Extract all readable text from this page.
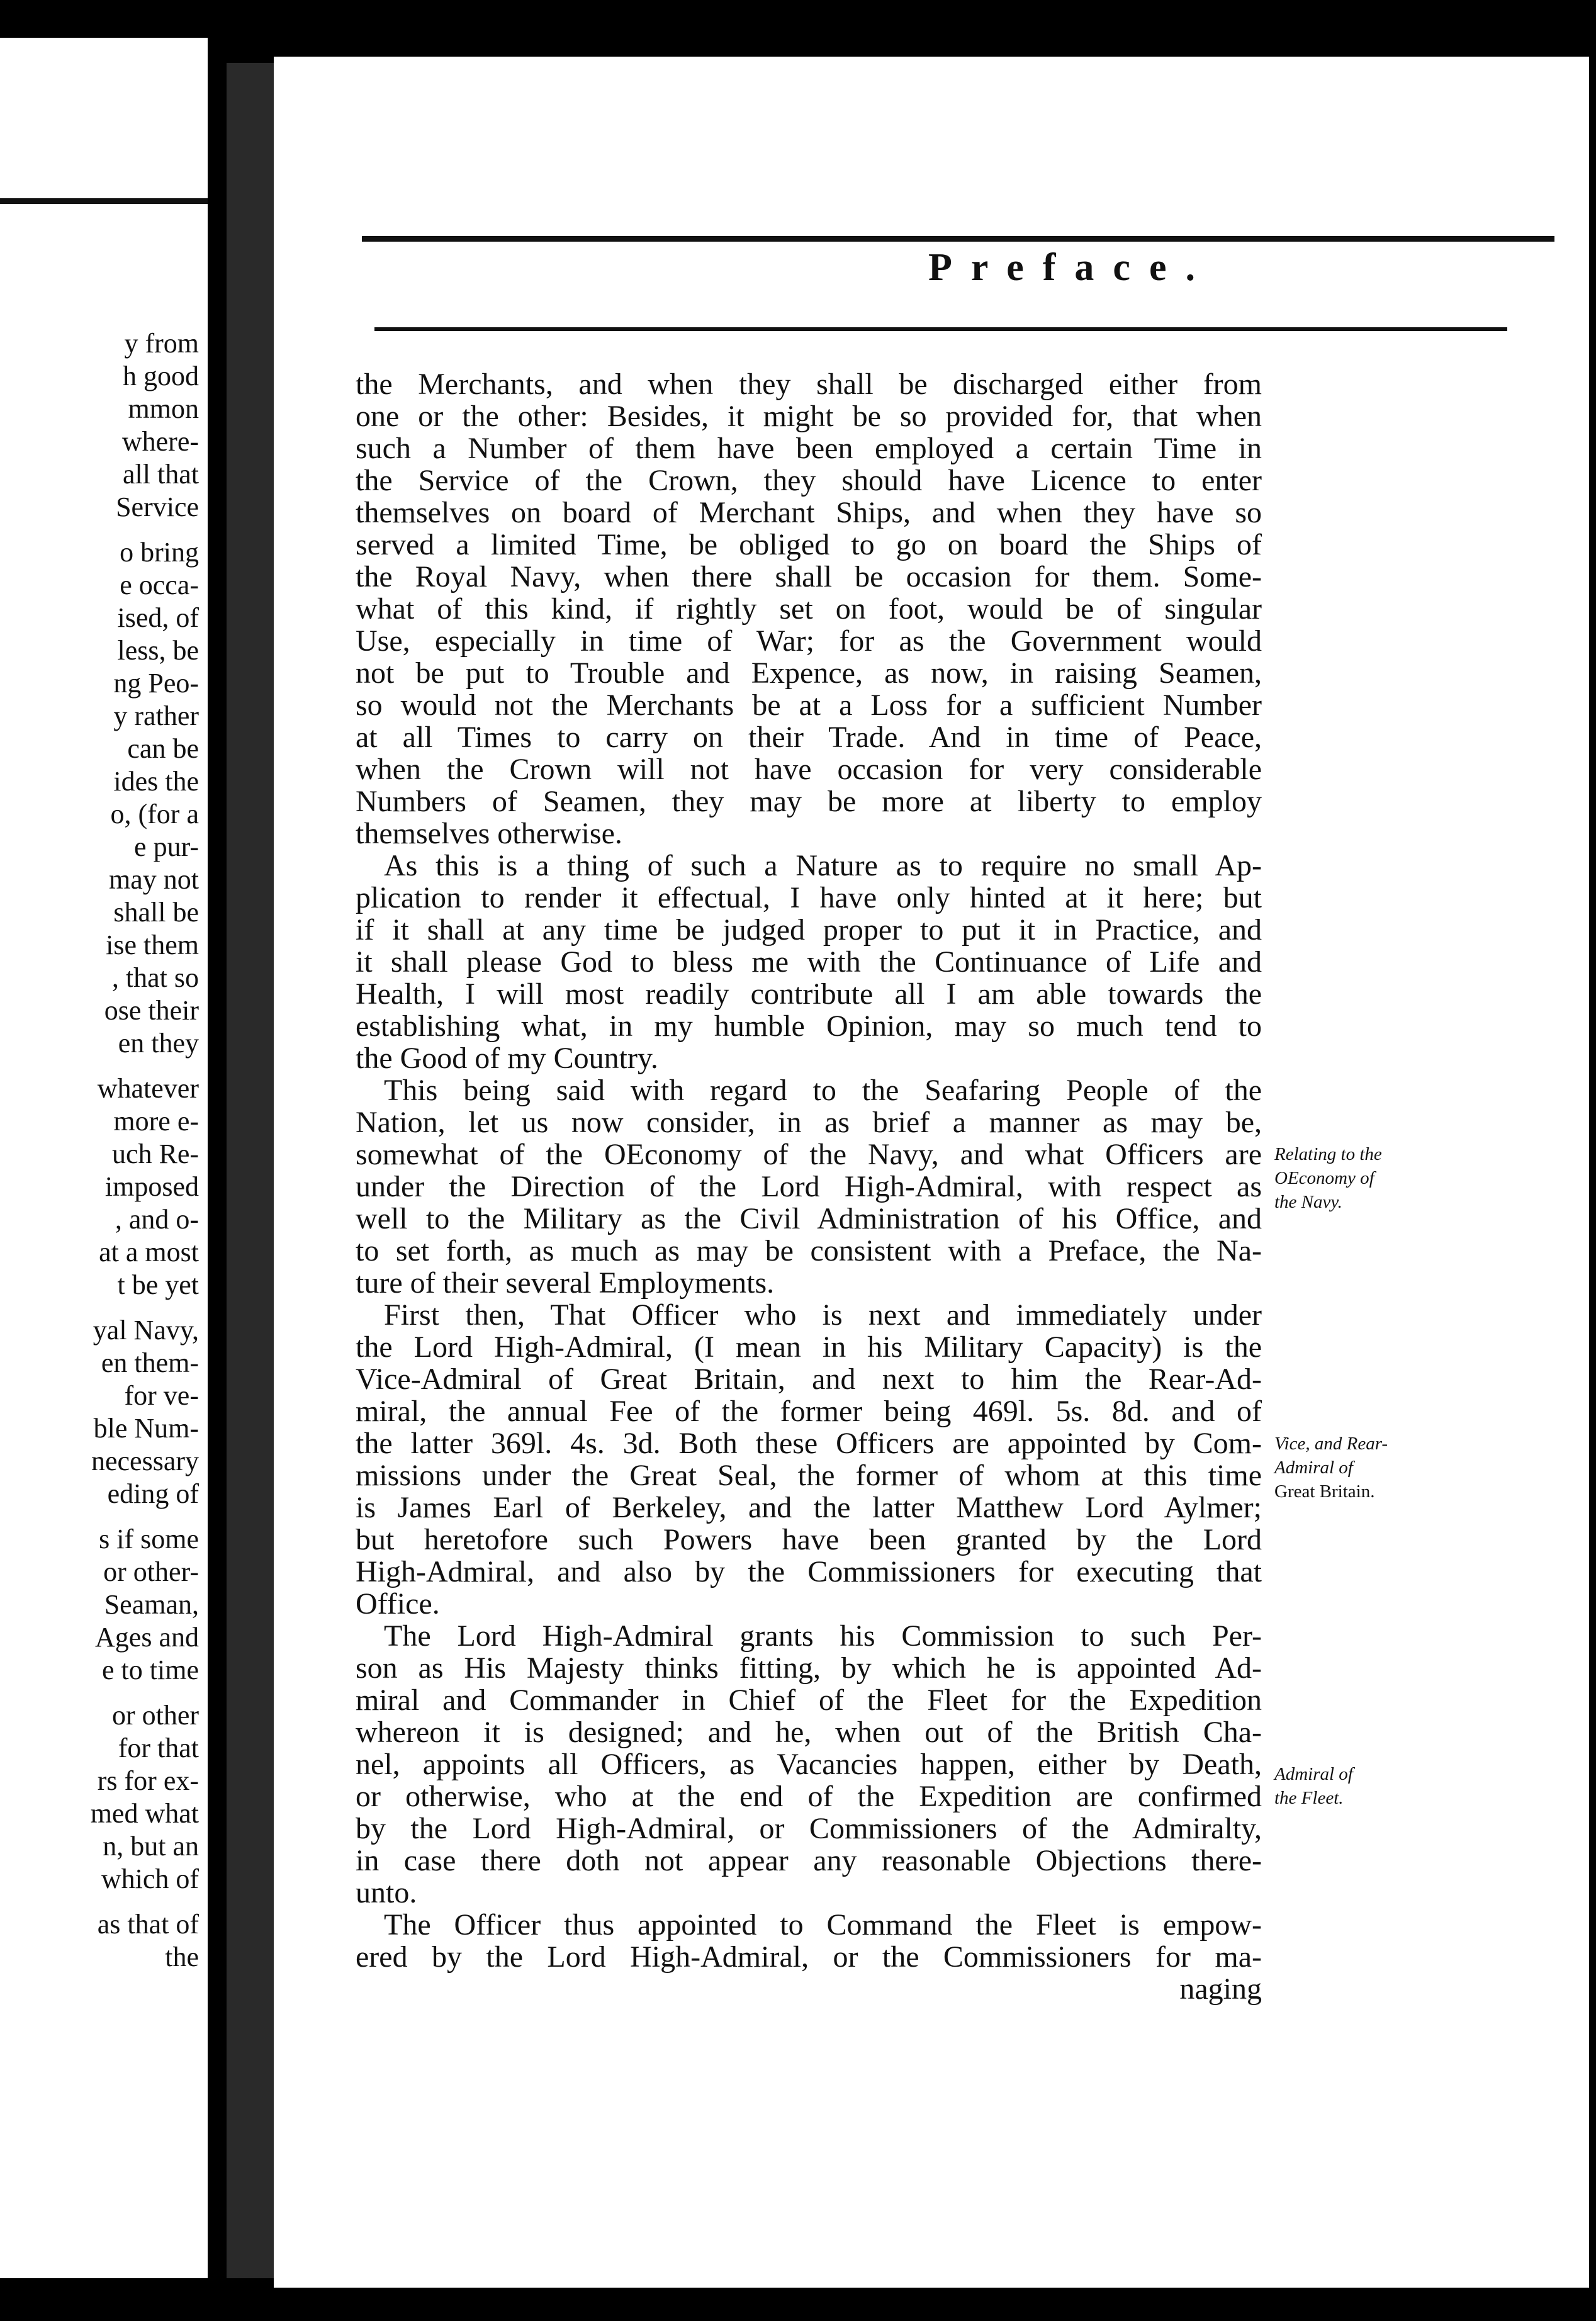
y from
h good
mmon
where-
all that
Service
o bring
e occa-
ised, of
less, be
ng Peo-
y rather
can be
ides the
o, (for a
e pur-
may not
shall be
ise them
, that so
ose their
en they
whatever
more e-
uch Re-
imposed
, and o-
at a most
t be yet
yal Navy,
en them-
for ve-
ble Num-
necessary
eding of
s if some
or other-
Seaman,
Ages and
e to time
or other
for that
rs for ex-
med what
n, but an
which of
as that of
the
Preface.
the Merchants, and when they shall be discharged either from
one or the other: Besides, it might be so provided for, that when
such a Number of them have been employed a certain Time in
the Service of the Crown, they should have Licence to enter
themselves on board of Merchant Ships, and when they have so
served a limited Time, be obliged to go on board the Ships of
the Royal Navy, when there shall be occasion for them. Some-
what of this kind, if rightly set on foot, would be of singular
Use, especially in time of War; for as the Government would
not be put to Trouble and Expence, as now, in raising Seamen,
so would not the Merchants be at a Loss for a sufficient Number
at all Times to carry on their Trade. And in time of Peace,
when the Crown will not have occasion for very considerable
Numbers of Seamen, they may be more at liberty to employ
themselves otherwise.
As this is a thing of such a Nature as to require no small Ap-
plication to render it effectual, I have only hinted at it here; but
if it shall at any time be judged proper to put it in Practice, and
it shall please God to bless me with the Continuance of Life and
Health, I will most readily contribute all I am able towards the
establishing what, in my humble Opinion, may so much tend to
the Good of my Country.
This being said with regard to the Seafaring People of the
Nation, let us now consider, in as brief a manner as may be,
somewhat of the OEconomy of the Navy, and what Officers are
under the Direction of the Lord High-Admiral, with respect as
well to the Military as the Civil Administration of his Office, and
to set forth, as much as may be consistent with a Preface, the Na-
ture of their several Employments.
First then, That Officer who is next and immediately under
the Lord High-Admiral, (I mean in his Military Capacity) is the
Vice-Admiral of Great Britain, and next to him the Rear-Ad-
miral, the annual Fee of the former being 469l. 5s. 8d. and of
the latter 369l. 4s. 3d. Both these Officers are appointed by Com-
missions under the Great Seal, the former of whom at this time
is James Earl of Berkeley, and the latter Matthew Lord Aylmer;
but heretofore such Powers have been granted by the Lord
High-Admiral, and also by the Commissioners for executing that
Office.
The Lord High-Admiral grants his Commission to such Per-
son as His Majesty thinks fitting, by which he is appointed Ad-
miral and Commander in Chief of the Fleet for the Expedition
whereon it is designed; and he, when out of the British Cha-
nel, appoints all Officers, as Vacancies happen, either by Death,
or otherwise, who at the end of the Expedition are confirmed
by the Lord High-Admiral, or Commissioners of the Admiralty,
in case there doth not appear any reasonable Objections there-
unto.
The Officer thus appointed to Command the Fleet is empow-
ered by the Lord High-Admiral, or the Commissioners for ma-
naging
Relating to the
OEconomy of
the Navy.
Vice, and Rear-
Admiral of
Great Britain.
Admiral of
the Fleet.
